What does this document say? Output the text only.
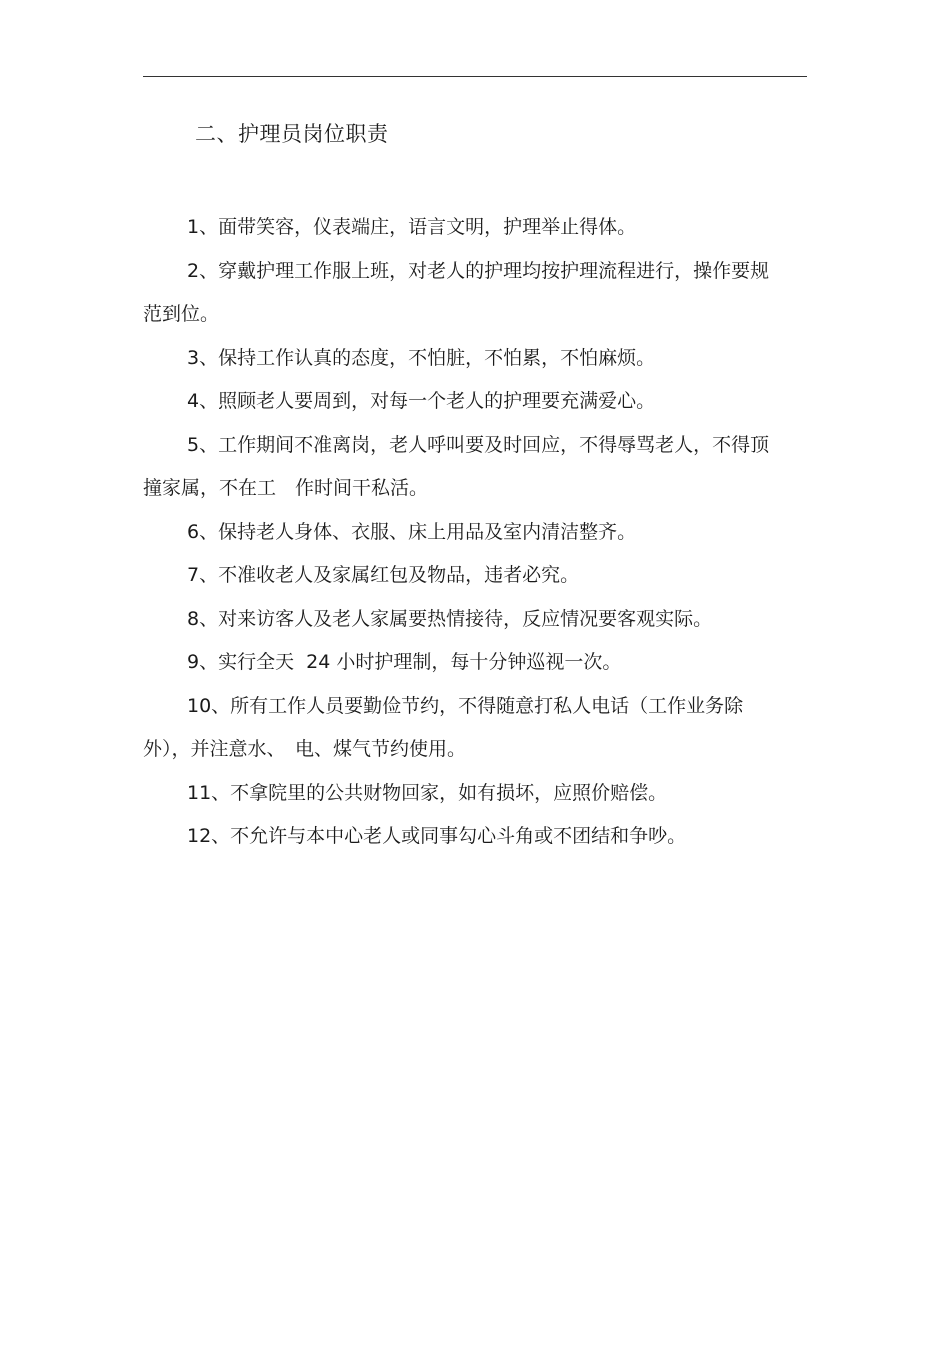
二、护理员岗位职责
1、面带笑容，仪表端庄，语言文明，护理举止得体。
2、穿戴护理工作服上班，对老人的护理均按护理流程进行，操作要规范到位。
3、保持工作认真的态度，不怕脏，不怕累，不怕麻烦。
4、照顾老人要周到，对每一个老人的护理要充满爱心。
5、工作期间不准离岗，老人呼叫要及时回应，不得辱骂老人，不得顶撞家属，不在工　作时间干私活。
6、保持老人身体、衣服、床上用品及室内清洁整齐。
7、不准收老人及家属红包及物品，违者必究。
8、对来访客人及老人家属要热情接待，反应情况要客观实际。
9、实行全天  24 小时护理制，每十分钟巡视一次。
10、所有工作人员要勤俭节约，不得随意打私人电话（工作业务除外），并注意水、　电、煤气节约使用。
11、不拿院里的公共财物回家，如有损坏，应照价赔偿。
12、不允许与本中心老人或同事勾心斗角或不团结和争吵。
